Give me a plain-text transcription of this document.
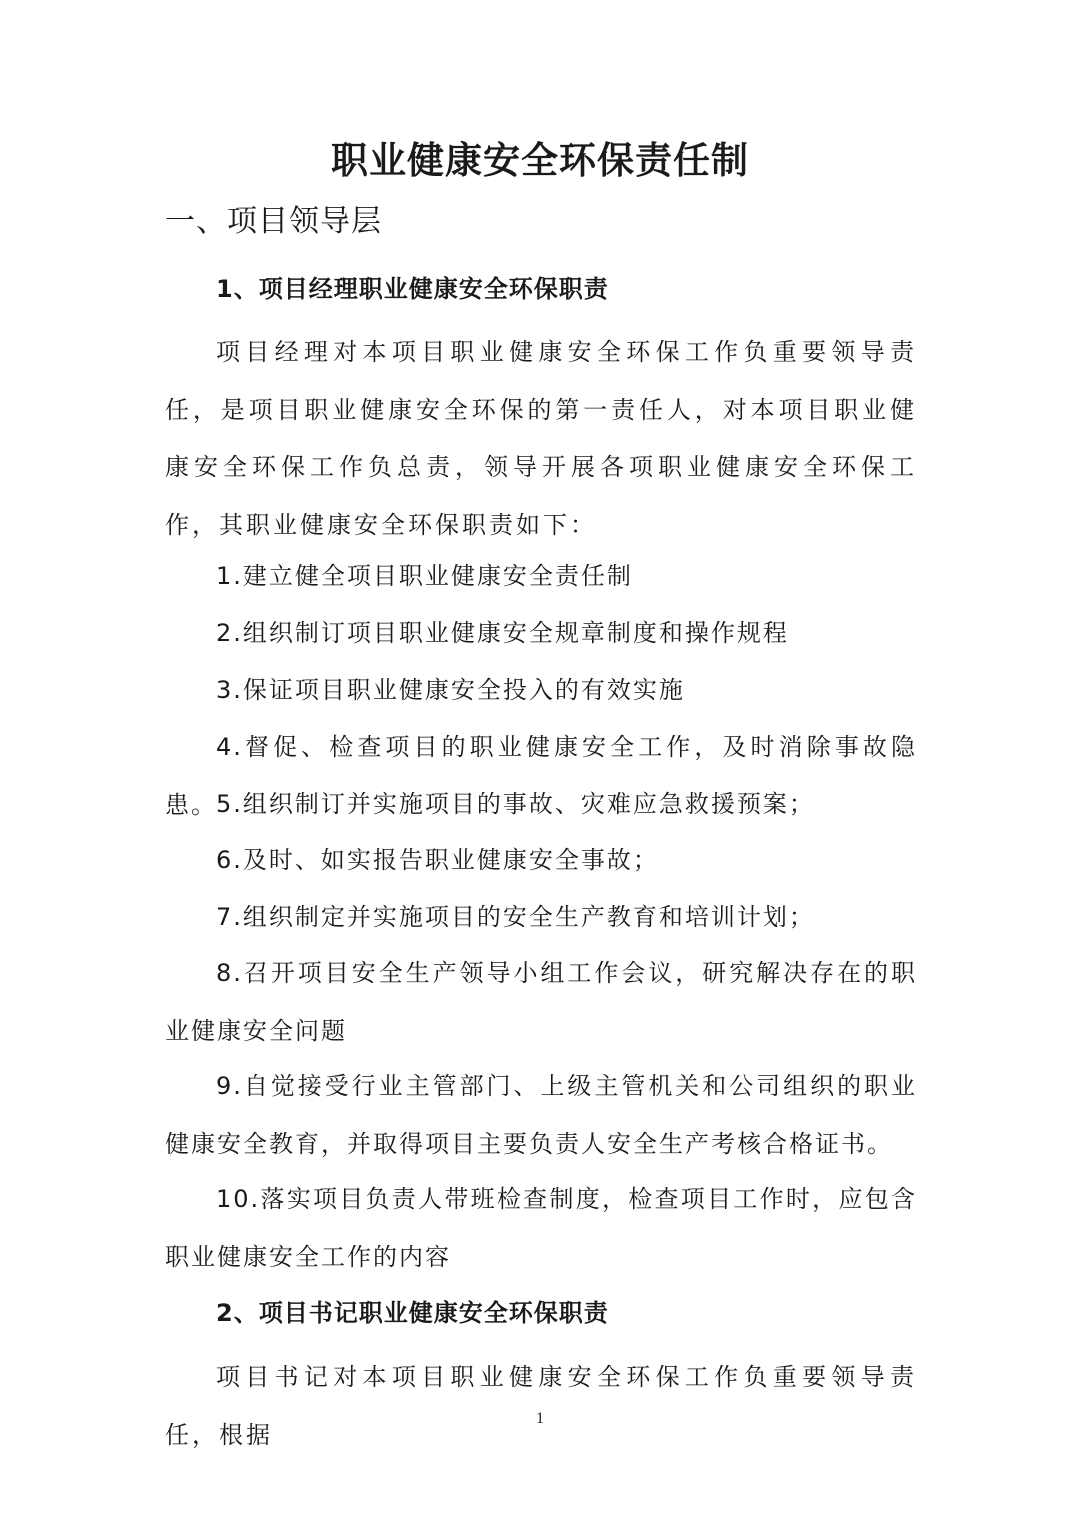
职业健康安全环保责任制
一、项目领导层
1、项目经理职业健康安全环保职责

项目经理对本项目职业健康安全环保工作负重要领导责任，是项目职业健康安全环保的第一责任人，对本项目职业健康安全环保工作负总责，领导开展各项职业健康安全环保工作，其职业健康安全环保职责如下：

1.建立健全项目职业健康安全责任制

2.组织制订项目职业健康安全规章制度和操作规程

3.保证项目职业健康安全投入的有效实施

4.督促、检查项目的职业健康安全工作，及时消除事故隐患。 5.组织制订并实施项目的事故、灾难应急救援预案；

6.及时、如实报告职业健康安全事故；

7.组织制定并实施项目的安全生产教育和培训计划；

8.召开项目安全生产领导小组工作会议，研究解决存在的职业健康安全问题

9.自觉接受行业主管部门、上级主管机关和公司组织的职业健康安全教育，并取得项目主要负责人安全生产考核合格证书。

10.落实项目负责人带班检查制度，检查项目工作时，应包含职业健康安全工作的内容

2、项目书记职业健康安全环保职责

项目书记对本项目职业健康安全环保工作负重要领导责任，根据

1
